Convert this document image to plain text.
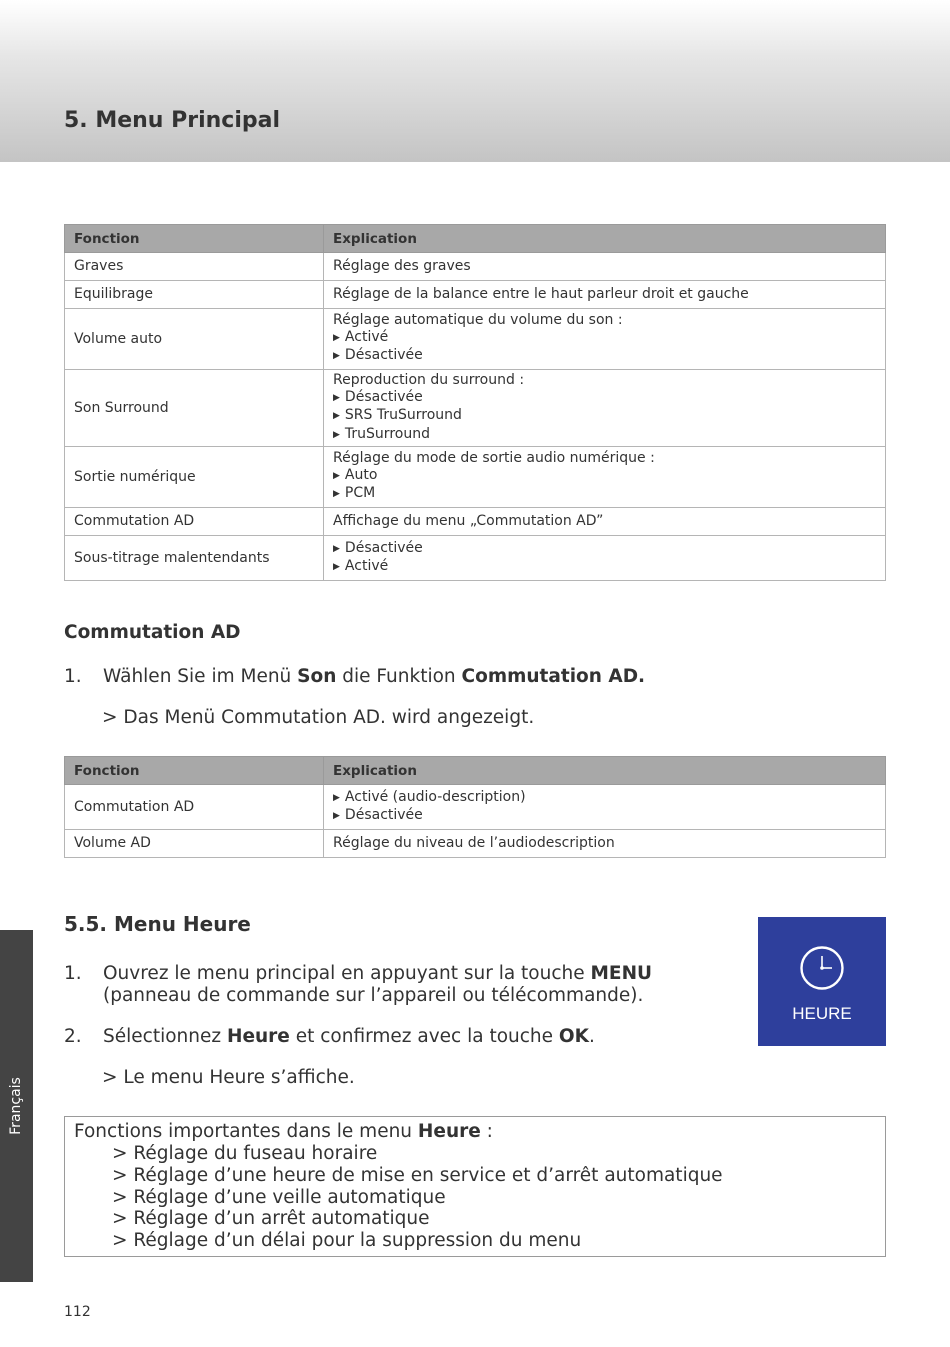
5. Menu Principal
Fonction	Explication
Graves	Réglage des graves

Equilibrage	Réglage de la balance entre le haut parleur droit et gauche

Volume auto	Réglage automatique du volume du son :
▶ Activé
▶ Désactivée

Son Surround	Reproduction du surround :
▶ Désactivée
▶ SRS TruSurround
▶ TruSurround

Sortie numérique	Réglage du mode de sortie audio numérique :
▶ Auto
▶ PCM

Commutation AD	Affichage du menu „Commutation AD”

Sous-titrage malentendants	▶ Désactivée
▶ Activé
Commutation AD
1. Wählen Sie im Menü Son die Funktion Commutation AD.
> Das Menü Commutation AD. wird angezeigt.
Fonction	Explication
Commutation AD	▶ Activé (audio-description)
▶ Désactivée

Volume AD	Réglage du niveau de l’audiodescription
5.5. Menu Heure
1. Ouvrez le menu principal en appuyant sur la touche MENU
(panneau de commande sur l’appareil ou télécommande).
2. Sélectionnez Heure et confirmez avec la touche OK.
> Le menu Heure s’affiche.
HEURE
Fonctions importantes dans le menu Heure :
> Réglage du fuseau horaire
> Réglage d’une heure de mise en service et d’arrêt automatique
> Réglage d’une veille automatique
> Réglage d’un arrêt automatique
> Réglage d’un délai pour la suppression du menu
Français
112
